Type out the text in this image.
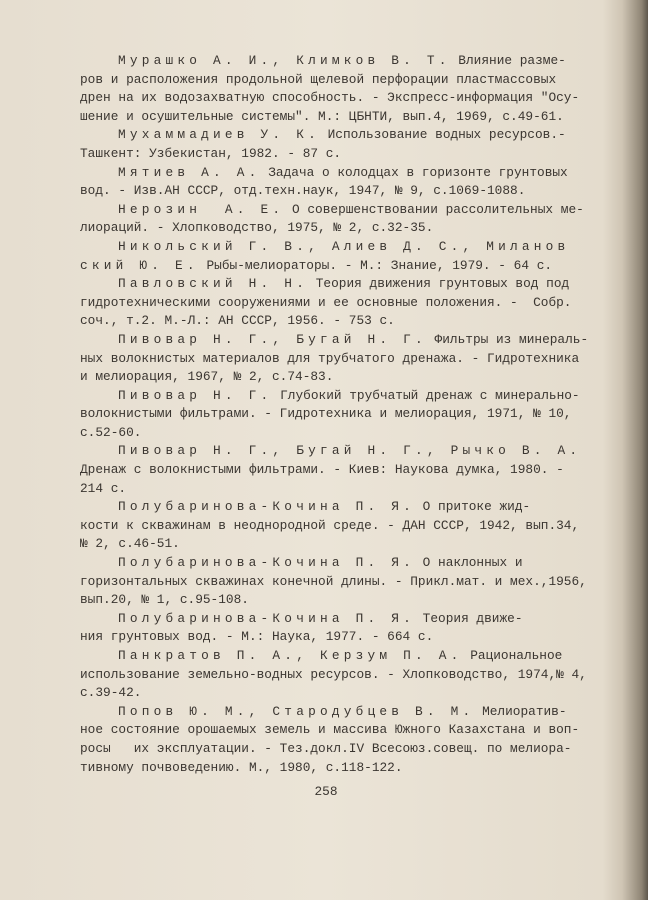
Мурашко А. И., Климков В. Т. Влияние разме-
ров и расположения продольной щелевой перфорации пластмассовых
дрен на их водозахватную способность. - Экспресс-информация "Осу-
шение и осушительные системы". М.: ЦБНТИ, вып.4, 1969, с.49-61.
Мухаммадиев У. К. Использование водных ресурсов.-
Ташкент: Узбекистан, 1982. - 87 с.
Мятиев А. А. Задача о колодцах в горизонте грунтовых
вод. - Изв.АН СССР, отд.техн.наук, 1947, № 9, с.1069-1088.
Нерозин  А. Е. О совершенствовании рассолительных ме-
лиораций. - Хлопководство, 1975, № 2, с.32-35.
Никольский Г. В., Алиев Д. С., Миланов
ский Ю. Е. Рыбы-мелиораторы. - М.: Знание, 1979. - 64 с.
Павловский Н. Н. Теория движения грунтовых вод под
гидротехническими сооружениями и ее основные положения. -  Собр.
соч., т.2. М.-Л.: АН СССР, 1956. - 753 с.
Пивовар Н. Г., Бугай Н. Г. Фильтры из минераль-
ных волокнистых материалов для трубчатого дренажа. - Гидротехника
и мелиорация, 1967, № 2, с.74-83.
Пивовар Н. Г. Глубокий трубчатый дренаж с минерально-
волокнистыми фильтрами. - Гидротехника и мелиорация, 1971, № 10,
с.52-60.
Пивовар Н. Г., Бугай Н. Г., Рычко В. А.
Дренаж с волокнистыми фильтрами. - Киев: Наукова думка, 1980. -
214 с.
Полубаринова-Кочина П. Я. О притоке жид-
кости к скважинам в неоднородной среде. - ДАН СССР, 1942, вып.34,
№ 2, с.46-51.
Полубаринова-Кочина П. Я. О наклонных и
горизонтальных скважинах конечной длины. - Прикл.мат. и мех.,1956,
вып.20, № 1, с.95-108.
Полубаринова-Кочина П. Я. Теория движе-
ния грунтовых вод. - М.: Наука, 1977. - 664 с.
Панкратов П. А., Керзум П. А. Рациональное
использование земельно-водных ресурсов. - Хлопководство, 1974,№ 4,
с.39-42.
Попов Ю. М., Стародубцев В. М. Мелиоратив-
ное состояние орошаемых земель и массива Южного Казахстана и воп-
росы   их эксплуатации. - Тез.докл.IV Всесоюз.совещ. по мелиора-
тивному почвоведению. М., 1980, с.118-122.
258
